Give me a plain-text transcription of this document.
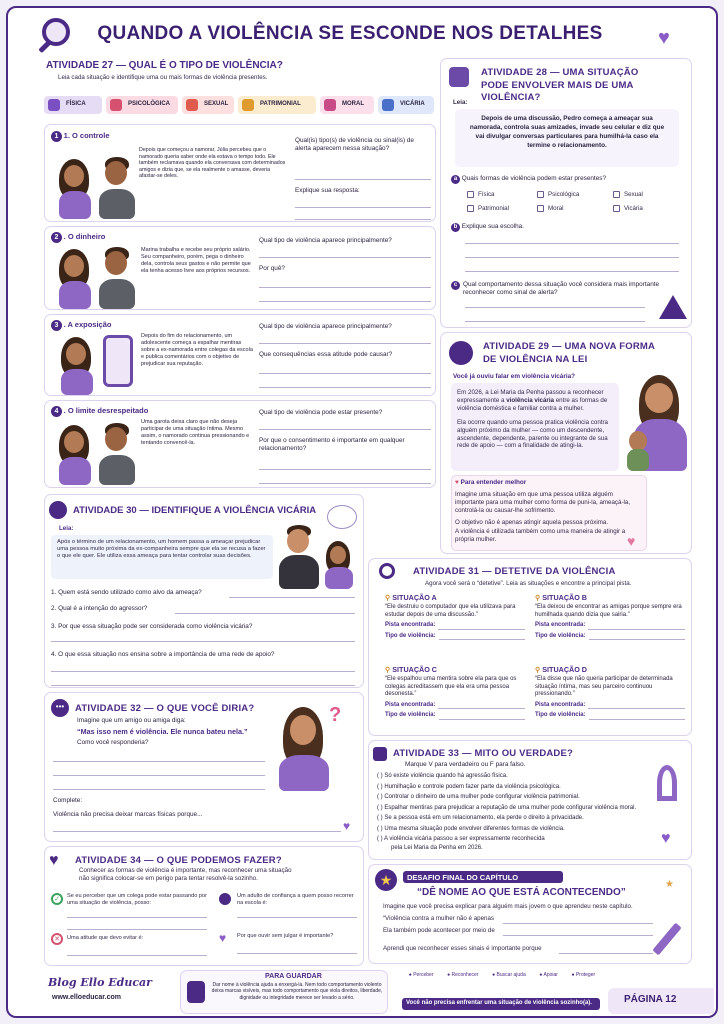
QUANDO A VIOLÊNCIA SE ESCONDE NOS DETALHES	♥
ATIVIDADE 27 — QUAL É O TIPO DE VIOLÊNCIA?
Leia cada situação e identifique uma ou mais formas de violência presentes.
FÍSICA	PSICOLÓGICA	SEXUAL	PATRIMONIAL	MORAL	VICÁRIA
1 1. O controle
Depois que começou a namorar, Júlia percebeu que o namorado queria saber onde ela estava o tempo todo. Ele também reclamava quando ela conversava com determinados amigos e dizia que, se ela realmente o amasse, deveria afastar-se deles.
Qual(is) tipo(s) de violência ou sinal(is) de alerta aparecem nessa situação?
Explique sua resposta:
2 . O dinheiro
Marina trabalha e recebe seu próprio salário. Seu companheiro, porém, pega o dinheiro dela, controla seus gastos e não permite que ela tenha acesso livre aos próprios recursos.
Qual tipo de violência aparece principalmente?
Por quê?
3 . A exposição
Depois do fim do relacionamento, um adolescente começa a espalhar mentiras sobre a ex-namorada entre colegas da escola e publica comentários com o objetivo de prejudicar sua reputação.
Qual tipo de violência aparece principalmente?
Que consequências essa atitude pode causar?
4 . O limite desrespeitado
Uma garota deixa claro que não deseja participar de uma situação íntima. Mesmo assim, o namorado continua pressionando e tentando convencê-la.
Qual tipo de violência pode estar presente?
Por que o consentimento é importante em qualquer relacionamento?
ATIVIDADE 28 — UMA SITUAÇÃO
PODE ENVOLVER MAIS DE UMA VIOLÊNCIA?
Leia:
Depois de uma discussão, Pedro começa a ameaçar sua namorada, controla suas amizades, invade seu celular e diz que vai divulgar conversas particulares para humilhá-la caso ela termine o relacionamento.
a Quais formas de violência podem estar presentes?
Física	Psicológica	Sexual
Patrimonial	Moral	Vicária
b Explique sua escolha.
c Qual comportamento dessa situação você considera mais importante reconhecer como sinal de alerta?
ATIVIDADE 29 — UMA NOVA FORMA
DE VIOLÊNCIA NA LEI
Você já ouviu falar em violência vicária?
Em 2026, a Lei Maria da Penha passou a reconhecer expressamente a violência vicária entre as formas de violência doméstica e familiar contra a mulher.
Ela ocorre quando uma pessoa pratica violência contra alguém próximo da mulher — como um descendente, ascendente, dependente, parente ou integrante de sua rede de apoio — com a finalidade de atingi-la.
♥ Para entender melhor
Imagine uma situação em que uma pessoa utiliza alguém importante para uma mulher como forma de puni-la, ameaçá-la, controlá-la ou causar-lhe sofrimento.
O objetivo não é apenas atingir aquela pessoa próxima.
A violência é utilizada também como uma maneira de atingir a própria mulher.	♥
ATIVIDADE 30 — IDENTIFIQUE A VIOLÊNCIA VICÁRIA
Leia:
Após o término de um relacionamento, um homem passa a ameaçar prejudicar uma pessoa muito próxima da ex-companheira sempre que ela se recusa a fazer o que ele quer. Ele utiliza essa ameaça para tentar controlar suas decisões.
1. Quem está sendo utilizado como alvo da ameaça?
2. Qual é a intenção do agressor?
3. Por que essa situação pode ser considerada como violência vicária?
4. O que essa situação nos ensina sobre a importância de uma rede de apoio?
ATIVIDADE 31 — DETETIVE DA VIOLÊNCIA
Agora você será o “detetive”. Leia as situações e encontre a principal pista.
⚲ SITUAÇÃO A
“Ele destruiu o computador que ela utilizava para estudar depois de uma discussão.”
Pista encontrada:
Tipo de violência:
⚲ SITUAÇÃO B
“Ela deixou de encontrar as amigas porque sempre era humilhada quando dizia que sairia.”
Pista encontrada:
Tipo de violência:
⚲ SITUAÇÃO C
“Ele espalhou uma mentira sobre ela para que os colegas acreditassem que ela era uma pessoa desonesta.”
Pista encontrada:
Tipo de violência:
⚲ SITUAÇÃO D
“Ela disse que não queria participar de determinada situação íntima, mas seu parceiro continuou pressionando.”
Pista encontrada:
Tipo de violência:
•••	ATIVIDADE 32 — O QUE VOCÊ DIRIA?
Imagine que um amigo ou amiga diga:
“Mas isso nem é violência. Ele nunca bateu nela.”
Como você responderia?
?
Complete:
Violência não precisa deixar marcas físicas porque...
♥
ATIVIDADE 33 — MITO OU VERDADE?
Marque V para verdadeiro ou F para falso.
( ) Só existe violência quando há agressão física.
( ) Humilhação e controle podem fazer parte da violência psicológica.
( ) Controlar o dinheiro de uma mulher pode configurar violência patrimonial.
( ) Espalhar mentiras para prejudicar a reputação de uma mulher pode configurar violência moral.
( ) Se a pessoa está em um relacionamento, ela perde o direito à privacidade.
( ) Uma mesma situação pode envolver diferentes formas de violência.
( ) A violência vicária passou a ser expressamente reconhecida
pela Lei Maria da Penha em 2026.
♥
♥ ATIVIDADE 34 — O QUE PODEMOS FAZER?
Conhecer as formas de violência é importante, mas reconhecer uma situação não significa colocar-se em perigo para tentar resolvê-la sozinho.
✓	Se eu perceber que um colega pode estar passando por uma situação de violência, posso:
Um adulto de confiança a quem posso recorrer na escola é:
✕	Uma atitude que devo evitar é:	♥ Por que ouvir sem julgar é importante?
★	DESAFIO FINAL DO CAPÍTULO
“DÊ NOME AO QUE ESTÁ ACONTECENDO”
★
Imagine que você precisa explicar para alguém mais jovem o que aprendeu neste capítulo.
“Violência contra a mulher não é apenas
Ela também pode acontecer por meio de
Aprendi que reconhecer esses sinais é importante porque
Blog Ello Educar
www.elloeducar.com
PARA GUARDAR
Dar nome à violência ajuda a enxergá-la. Nem todo comportamento violento deixa marcas visíveis, mas todo comportamento que viola direitos, liberdade, dignidade ou integridade merece ser levado a sério.
● Perceber	● Reconhecer	● Buscar ajuda	● Apoiar	● Proteger
Você não precisa enfrentar uma situação de violência sozinho(a).	PÁGINA 12
